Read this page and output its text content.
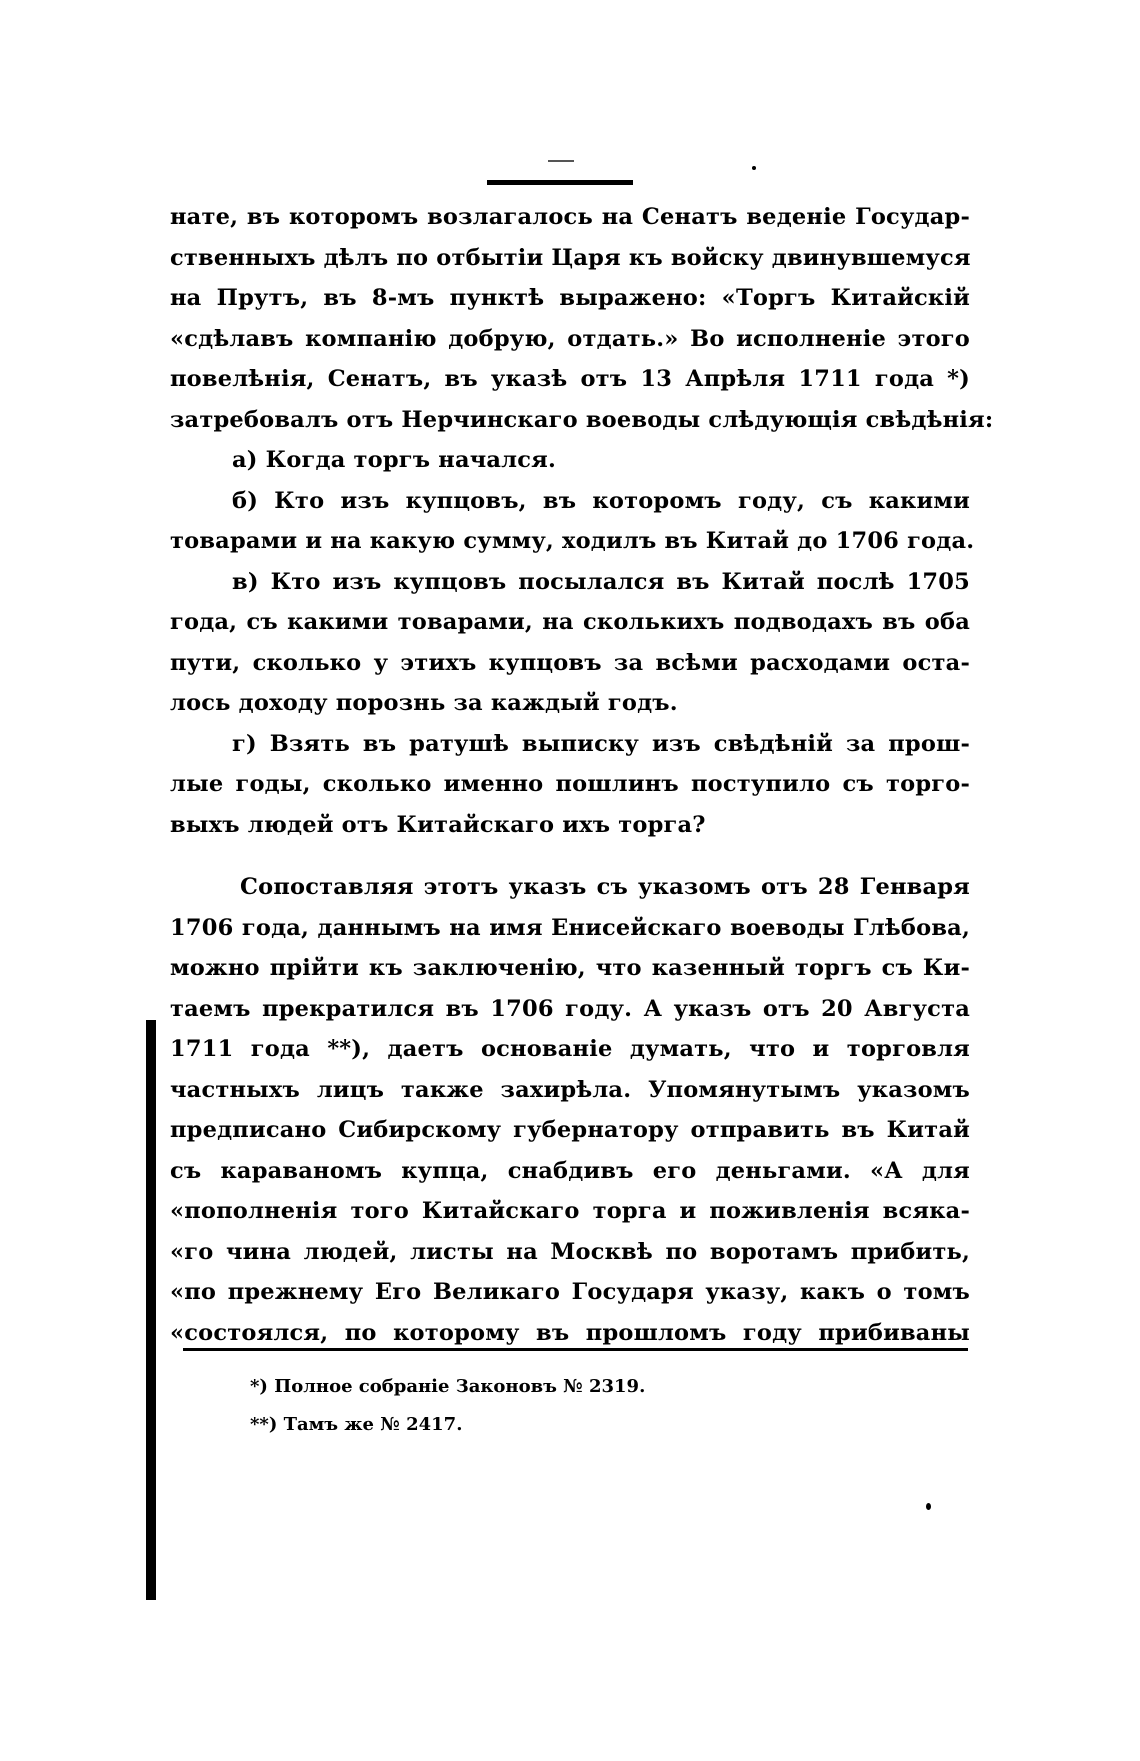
нате, въ которомъ возлагалось на Сенатъ веденіе Государ-
ственныхъ дѣлъ по отбытіи Царя къ войску двинувшемуся
на Прутъ, въ 8-мъ пунктѣ выражено: «Торгъ Китайскій
«сдѣлавъ компанію добрую, отдать.» Во исполненіе этого
повелѣнія, Сенатъ, въ указѣ отъ 13 Апрѣля 1711 года *)
затребовалъ отъ Нерчинскаго воеводы слѣдующія свѣдѣнія:
а) Когда торгъ начался.
б) Кто изъ купцовъ, въ которомъ году, съ какими
товарами и на какую сумму, ходилъ въ Китай до 1706 года.
в) Кто изъ купцовъ посылался въ Китай послѣ 1705
года, съ какими товарами, на сколькихъ подводахъ въ оба
пути, сколько у этихъ купцовъ за всѣми расходами оста-
лось доходу порознь за каждый годъ.
г) Взять въ ратушѣ выписку изъ свѣдѣній за прош-
лые годы, сколько именно пошлинъ поступило съ торго-
выхъ людей отъ Китайскаго ихъ торга?
Сопоставляя этотъ указъ съ указомъ отъ 28 Генваря
1706 года, даннымъ на имя Енисейскаго воеводы Глѣбова,
можно прійти къ заключенію, что казенный торгъ съ Ки-
таемъ прекратился въ 1706 году. А указъ отъ 20 Августа
1711 года **), даетъ основаніе думать, что и торговля
частныхъ лицъ также захирѣла. Упомянутымъ указомъ
предписано Сибирскому губернатору отправить въ Китай
съ караваномъ купца, снабдивъ его деньгами. «А для
«пополненія того Китайскаго торга и поживленія всяка-
«го чина людей, листы на Москвѣ по воротамъ прибить,
«по прежнему Его Великаго Государя указу, какъ о томъ
«состоялся, по которому въ прошломъ году прибиваны
*) Полное собраніе Законовъ № 2319.
**) Тамъ же № 2417.
